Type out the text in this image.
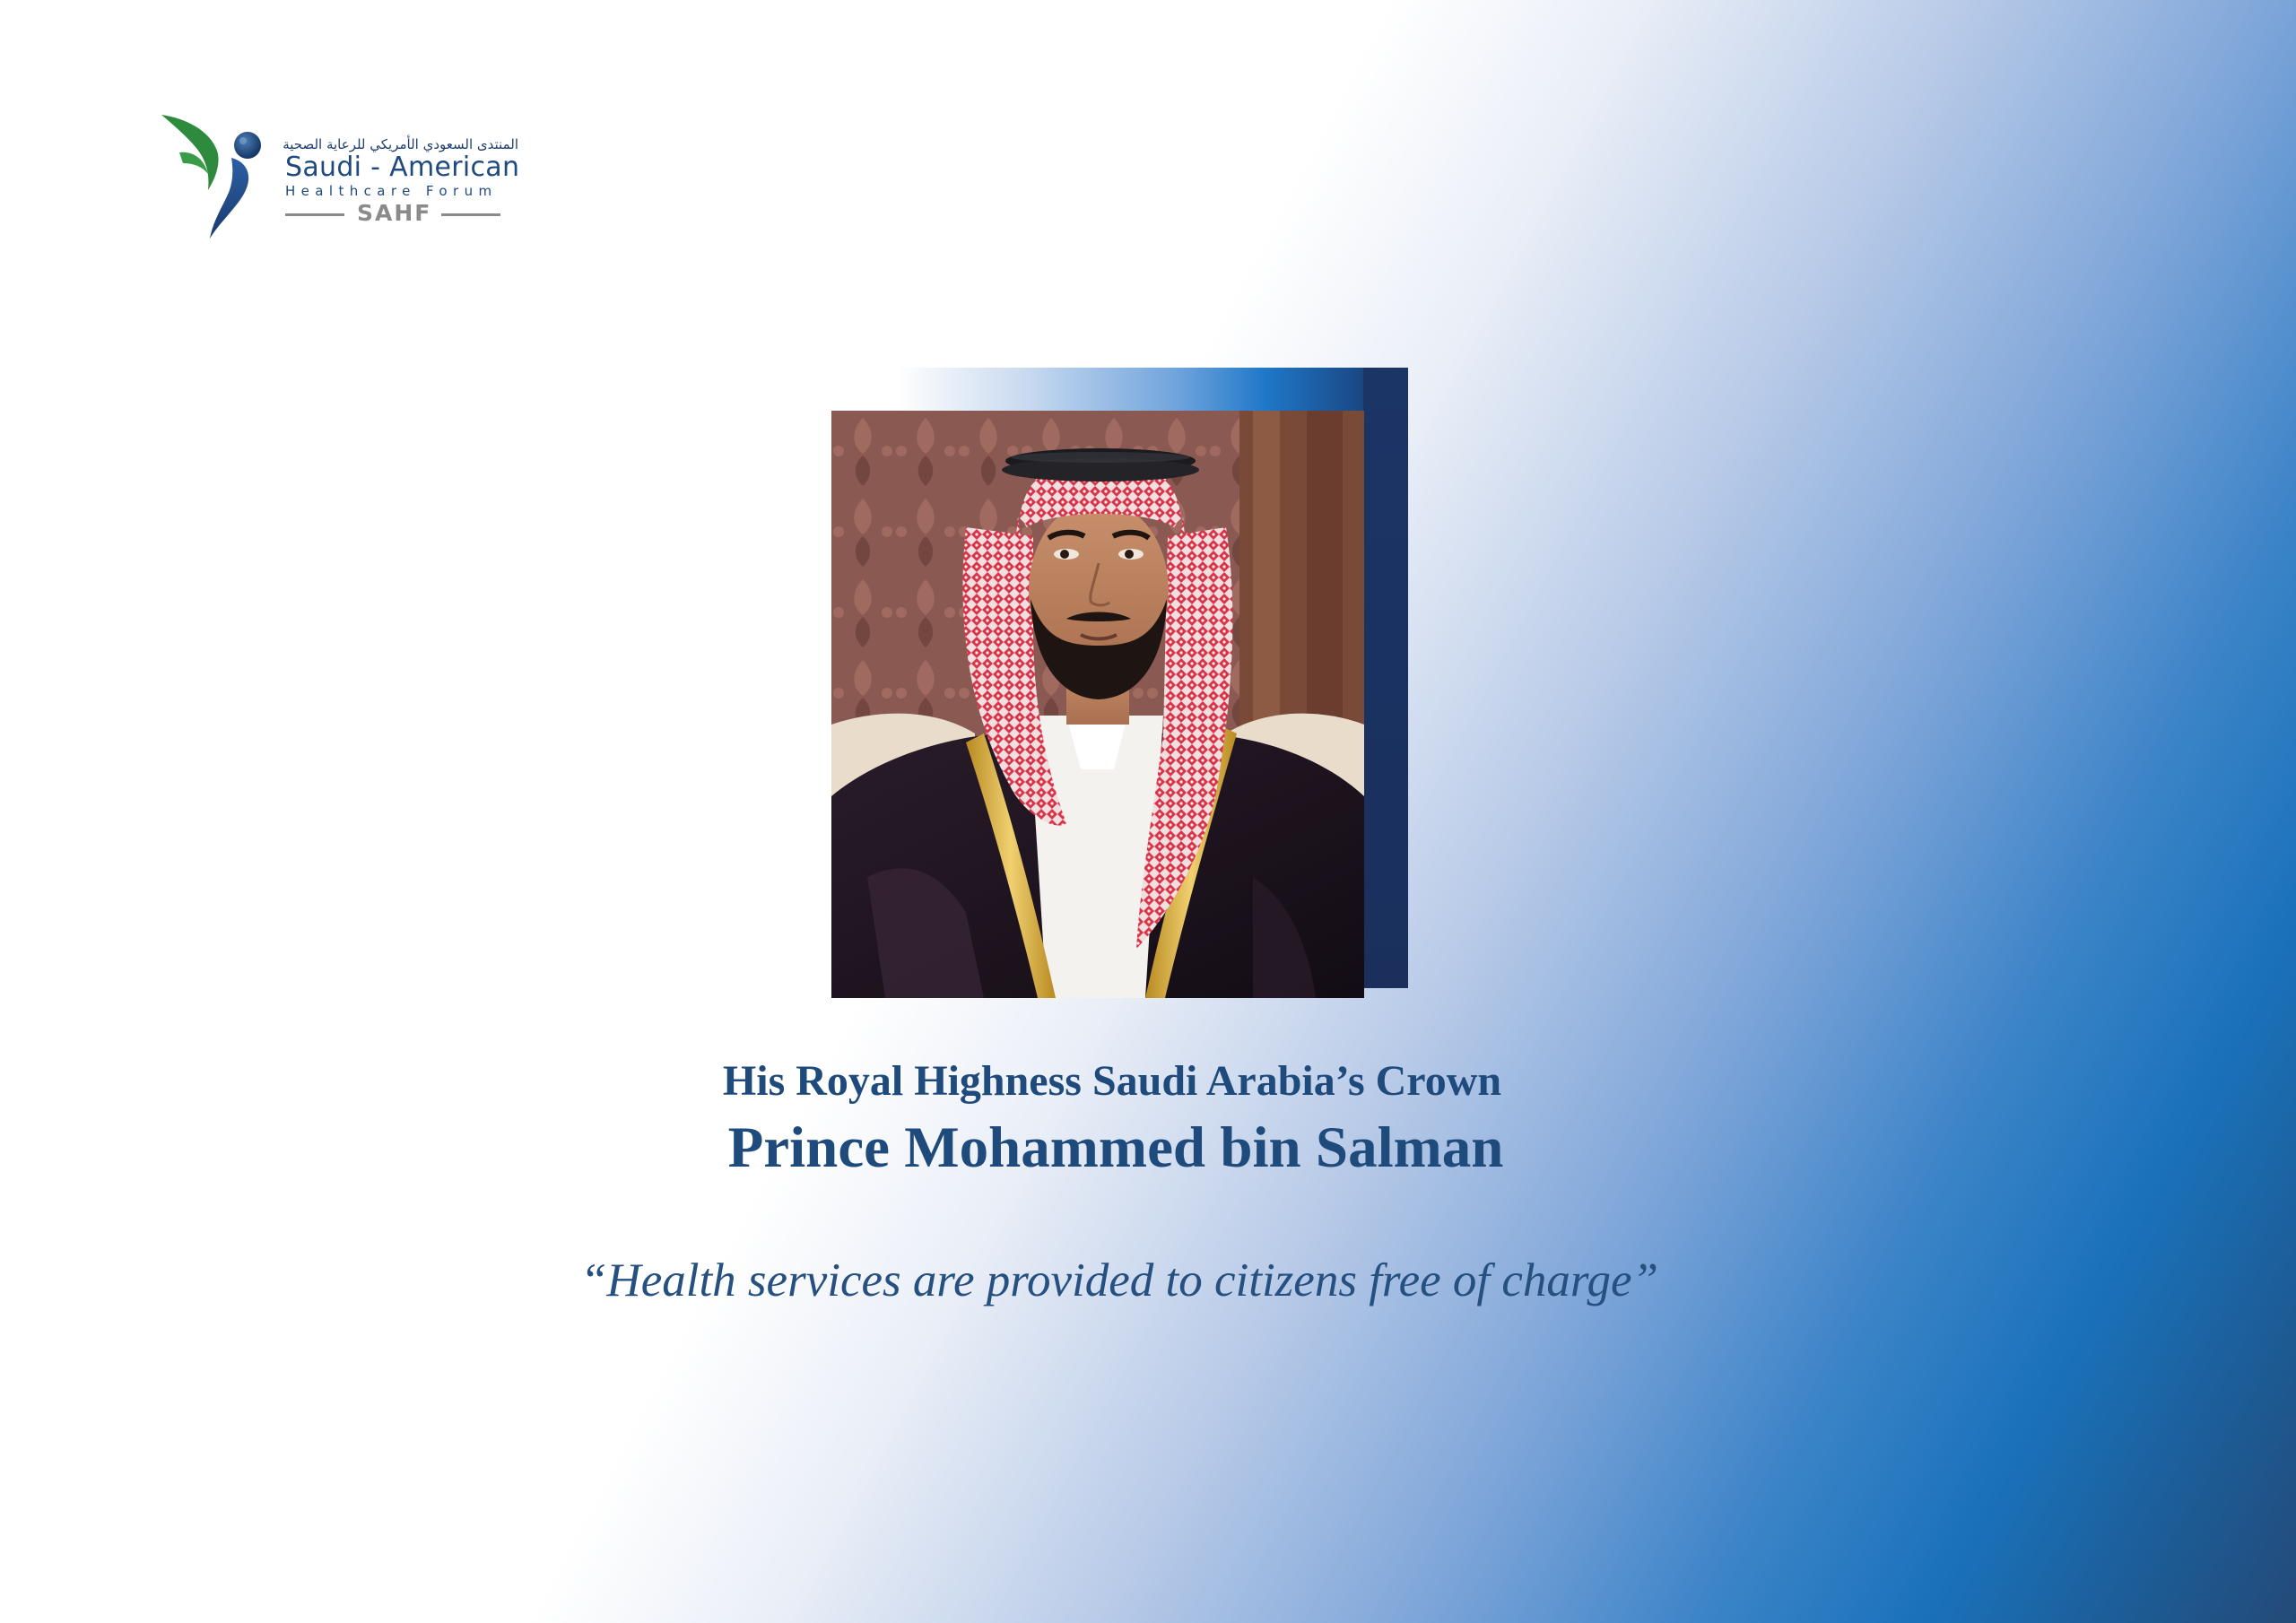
المنتدى السعودي الأمريكي للرعاية الصحية
Saudi - American
Healthcare Forum
SAHF
His Royal Highness Saudi Arabia’s Crown
Prince Mohammed bin Salman
“Health services are provided to citizens free of charge”
